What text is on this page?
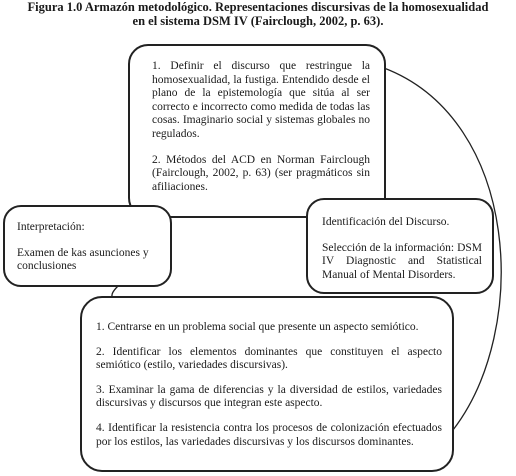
Figura 1.0 Armazón metodológico. Representaciones discursivas de la homosexualidad
en el sistema DSM IV (Fairclough, 2002, p. 63).
1. Definir el discurso que restringue la homosexualidad, la fustiga. Entendido desde el plano de la epistemología que sitúa al ser correcto e incorrecto como medida de todas las cosas. Imaginario social y sistemas globales no regulados.
2. Métodos del ACD en Norman Fairclough (Fairclough, 2002, p. 63) (ser pragmáticos sin afiliaciones.

Interpretación:

Examen de kas asunciones y conclusiones

Identificación del Discurso.

Selección de la información: DSM IV Diagnostic and Statistical Manual of Mental Disorders.

1. Centrarse en un problema social que presente un aspecto semiótico.
2. Identificar los elementos dominantes que constituyen el aspecto semiótico (estilo, variedades discursivas).
3. Examinar la gama de diferencias y la diversidad de estilos, variedades discursivas y discursos que integran este aspecto.
4. Identificar la resistencia contra los procesos de colonización efectuados por los estilos, las variedades discursivas y los discursos dominantes.
